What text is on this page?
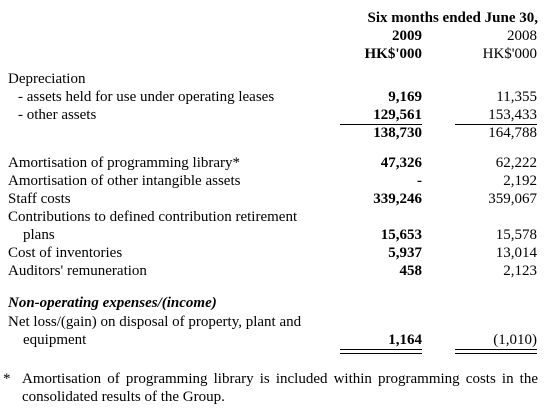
Six months ended June 30,
2009	2008
HK$'000	HK$'000
Depreciation
- assets held for use under operating leases	9,169	11,355
- other assets	129,561	153,433
138,730	164,788
Amortisation of programming library*	47,326	62,222
Amortisation of other intangible assets	-	2,192
Staff costs	339,246	359,067
Contributions to defined contribution retirement
plans	15,653	15,578
Cost of inventories	5,937	13,014
Auditors' remuneration	458	2,123
Non-operating expenses/(income)
Net loss/(gain) on disposal of property, plant and
equipment	1,164	(1,010)
* Amortisation of programming library is included within programming costs in the consolidated results of the Group.
